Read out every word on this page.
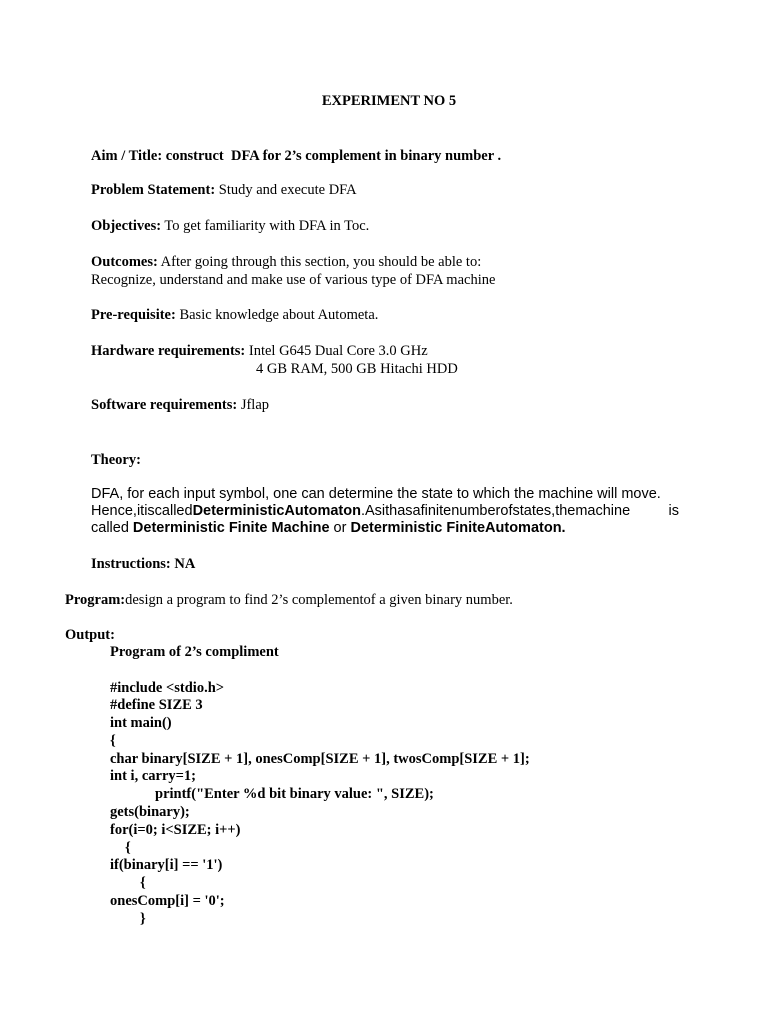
EXPERIMENT NO 5
Aim / Title: construct  DFA for 2’s complement in binary number .
Problem Statement: Study and execute DFA
Objectives: To get familiarity with DFA in Toc.
Outcomes: After going through this section, you should be able to:
Recognize, understand and make use of various type of DFA machine
Pre-requisite: Basic knowledge about Autometa.
Hardware requirements: Intel G645 Dual Core 3.0 GHz
4 GB RAM, 500 GB Hitachi HDD
Software requirements: Jflap
Theory:
DFA, for each input symbol, one can determine the state to which the machine will move.
Hence,itiscalledDeterministicAutomaton.Asithasafinitenumberofstates,themachine	is
called Deterministic Finite Machine or Deterministic FiniteAutomaton.
Instructions: NA
Program:design a program to find 2’s complementof a given binary number.
Output:
Program of 2’s compliment
#include <stdio.h>
#define SIZE 3
int main()
{
char binary[SIZE + 1], onesComp[SIZE + 1], twosComp[SIZE + 1];
int i, carry=1;
printf("Enter %d bit binary value: ", SIZE);
gets(binary);
for(i=0; i<SIZE; i++)
{
if(binary[i] == '1')
{
onesComp[i] = '0';
}
